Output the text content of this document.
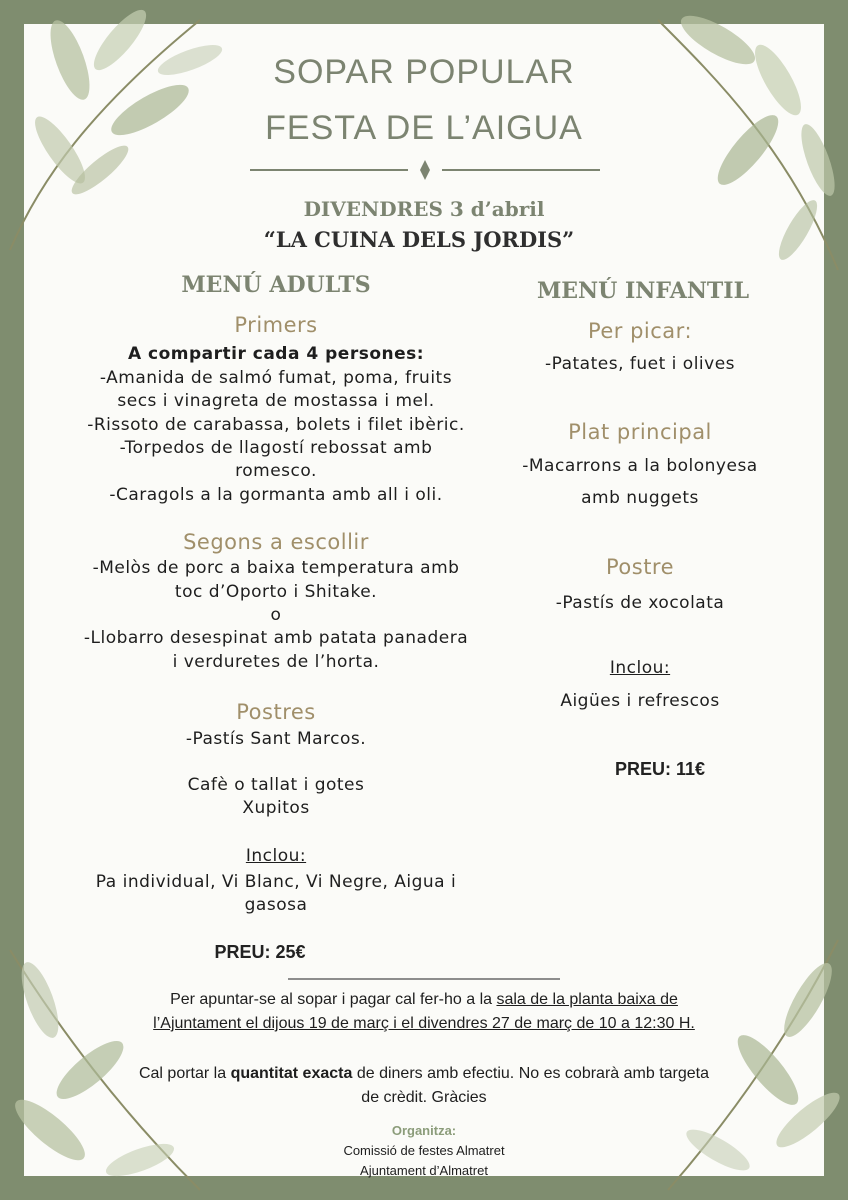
SOPAR POPULAR
FESTA DE L’AIGUA
DIVENDRES 3 d’abril
“LA CUINA DELS JORDIS”
MENÚ ADULTS
Primers
A compartir cada 4 persones:
-Amanida de salmó fumat, poma, fruits
secs i vinagreta de mostassa i mel.
-Rissoto de carabassa, bolets i filet ibèric.
-Torpedos de llagostí rebossat amb
romesco.
-Caragols a la gormanta amb all i oli.
Segons a escollir
-Melòs de porc a baixa temperatura amb
toc d’Oporto i Shitake.
o
-Llobarro desespinat amb patata panadera
i verduretes de l’horta.
Postres
-Pastís Sant Marcos.
Cafè o tallat i gotes
Xupitos
Inclou:
Pa individual, Vi Blanc, Vi Negre, Aigua i
gasosa
PREU: 25€
MENÚ INFANTIL
Per picar:
-Patates, fuet i olives
Plat principal
-Macarrons a la bolonyesa
amb nuggets
Postre
-Pastís de xocolata
Inclou:
Aigües i refrescos
PREU: 11€
Per apuntar-se al sopar i pagar cal fer-ho a la sala de la planta baixa de
l’Ajuntament el dijous 19 de març i el divendres 27 de març de 10 a 12:30 H.
Cal portar la quantitat exacta de diners amb efectiu. No es cobrarà amb targeta
de crèdit. Gràcies
Organitza:
Comissió de festes Almatret
Ajuntament d’Almatret
